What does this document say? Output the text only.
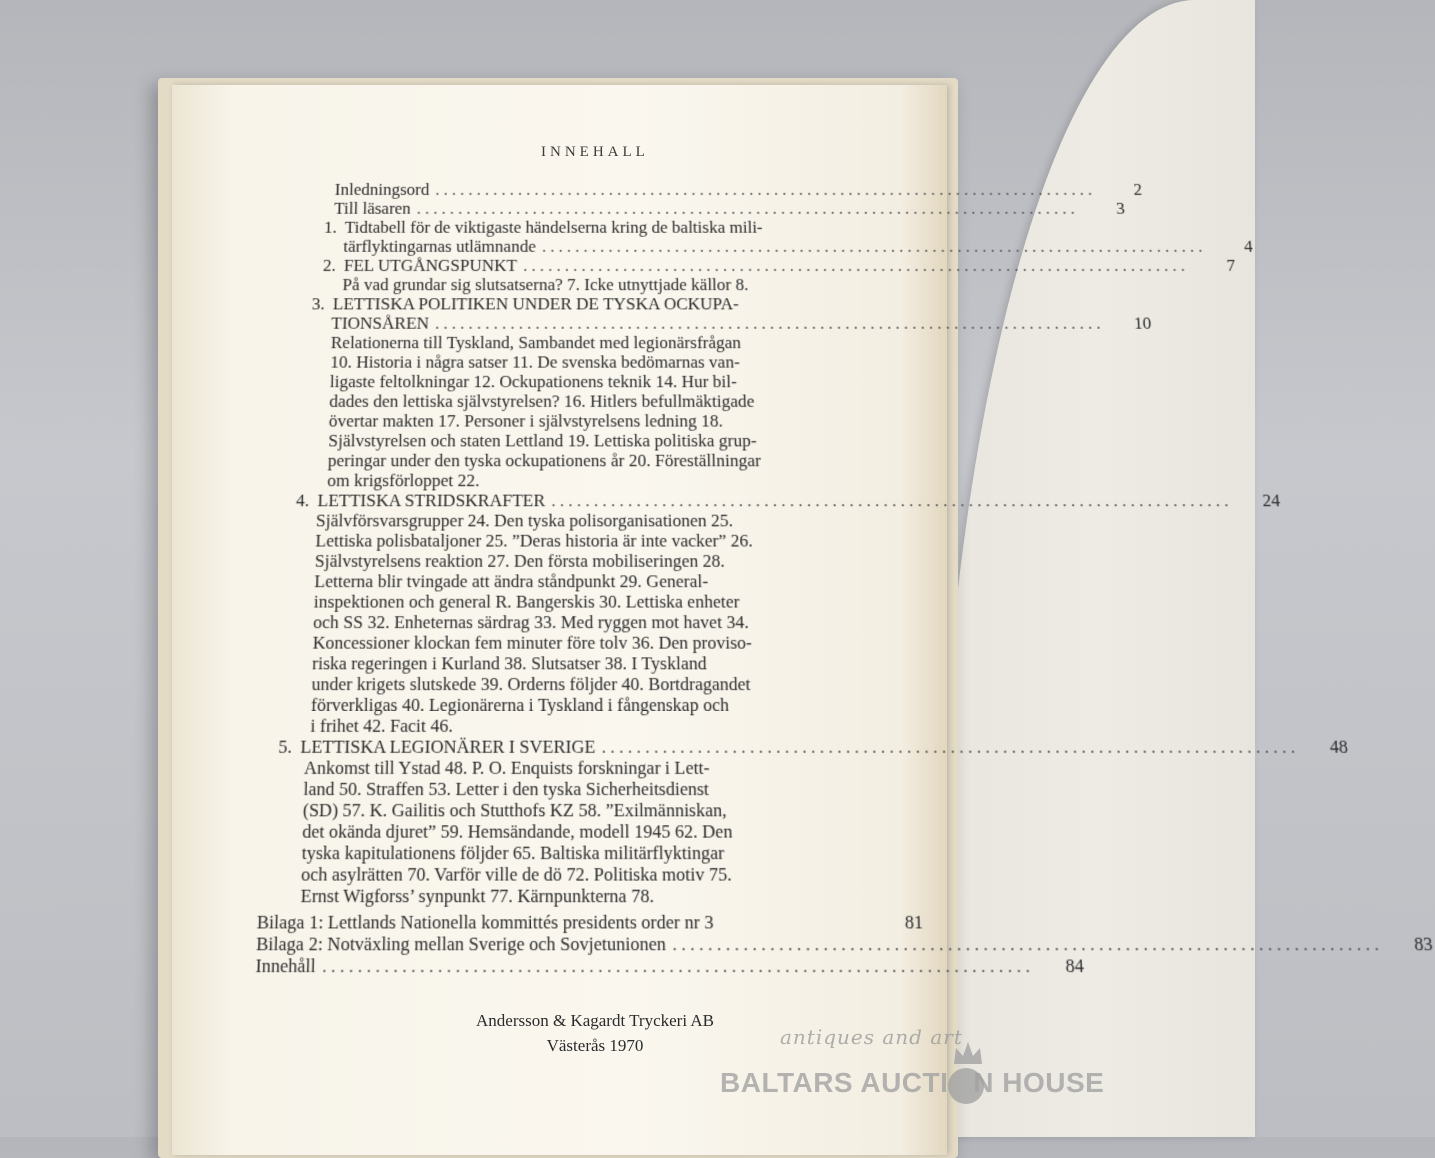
INNEHALL
Inledningsord ................................................................................	2
Till läsaren ................................................................................	3
1. Tidtabell för de viktigaste händelserna kring de baltiska mili-
tärflyktingarnas utlämnande ................................................................................	4
2. FEL UTGÅNGSPUNKT ................................................................................	7
På vad grundar sig slutsatserna? 7. Icke utnyttjade källor 8.
3. LETTISKA POLITIKEN UNDER DE TYSKA OCKUPA-
TIONSÅREN ................................................................................	10
Relationerna till Tyskland, Sambandet med legionärsfrågan
10. Historia i några satser 11. De svenska bedömarnas van-
ligaste feltolkningar 12. Ockupationens teknik 14. Hur bil-
dades den lettiska självstyrelsen? 16. Hitlers befullmäktigade
övertar makten 17. Personer i självstyrelsens ledning 18.
Självstyrelsen och staten Lettland 19. Lettiska politiska grup-
peringar under den tyska ockupationens år 20. Föreställningar
om krigsförloppet 22.
4. LETTISKA STRIDSKRAFTER ................................................................................	24
Självförsvarsgrupper 24. Den tyska polisorganisationen 25.
Lettiska polisbataljoner 25. ”Deras historia är inte vacker” 26.
Självstyrelsens reaktion 27. Den första mobiliseringen 28.
Letterna blir tvingade att ändra ståndpunkt 29. General-
inspektionen och general R. Bangerskis 30. Lettiska enheter
och SS 32. Enheternas särdrag 33. Med ryggen mot havet 34.
Koncessioner klockan fem minuter före tolv 36. Den proviso-
riska regeringen i Kurland 38. Slutsatser 38. I Tyskland
under krigets slutskede 39. Orderns följder 40. Bortdragandet
förverkligas 40. Legionärerna i Tyskland i fångenskap och
i frihet 42. Facit 46.
5. LETTISKA LEGIONÄRER I SVERIGE ................................................................................	48
Ankomst till Ystad 48. P. O. Enquists forskningar i Lett-
land 50. Straffen 53. Letter i den tyska Sicherheitsdienst
(SD) 57. K. Gailitis och Stutthofs KZ 58. ”Exilmänniskan,
det okända djuret” 59. Hemsändande, modell 1945 62. Den
tyska kapitulationens följder 65. Baltiska militärflyktingar
och asylrätten 70. Varför ville de dö 72. Politiska motiv 75.
Ernst Wigforss’ synpunkt 77. Kärnpunkterna 78.
Bilaga 1: Lettlands Nationella kommittés presidents order nr 3	81
Bilaga 2: Notväxling mellan Sverige och Sovjetunionen ................................................................................	83
Innehåll ................................................................................	84
Andersson & Kagardt Tryckeri AB
Västerås 1970	antiques and art
BALTARS AUCTI   N HOUSE
